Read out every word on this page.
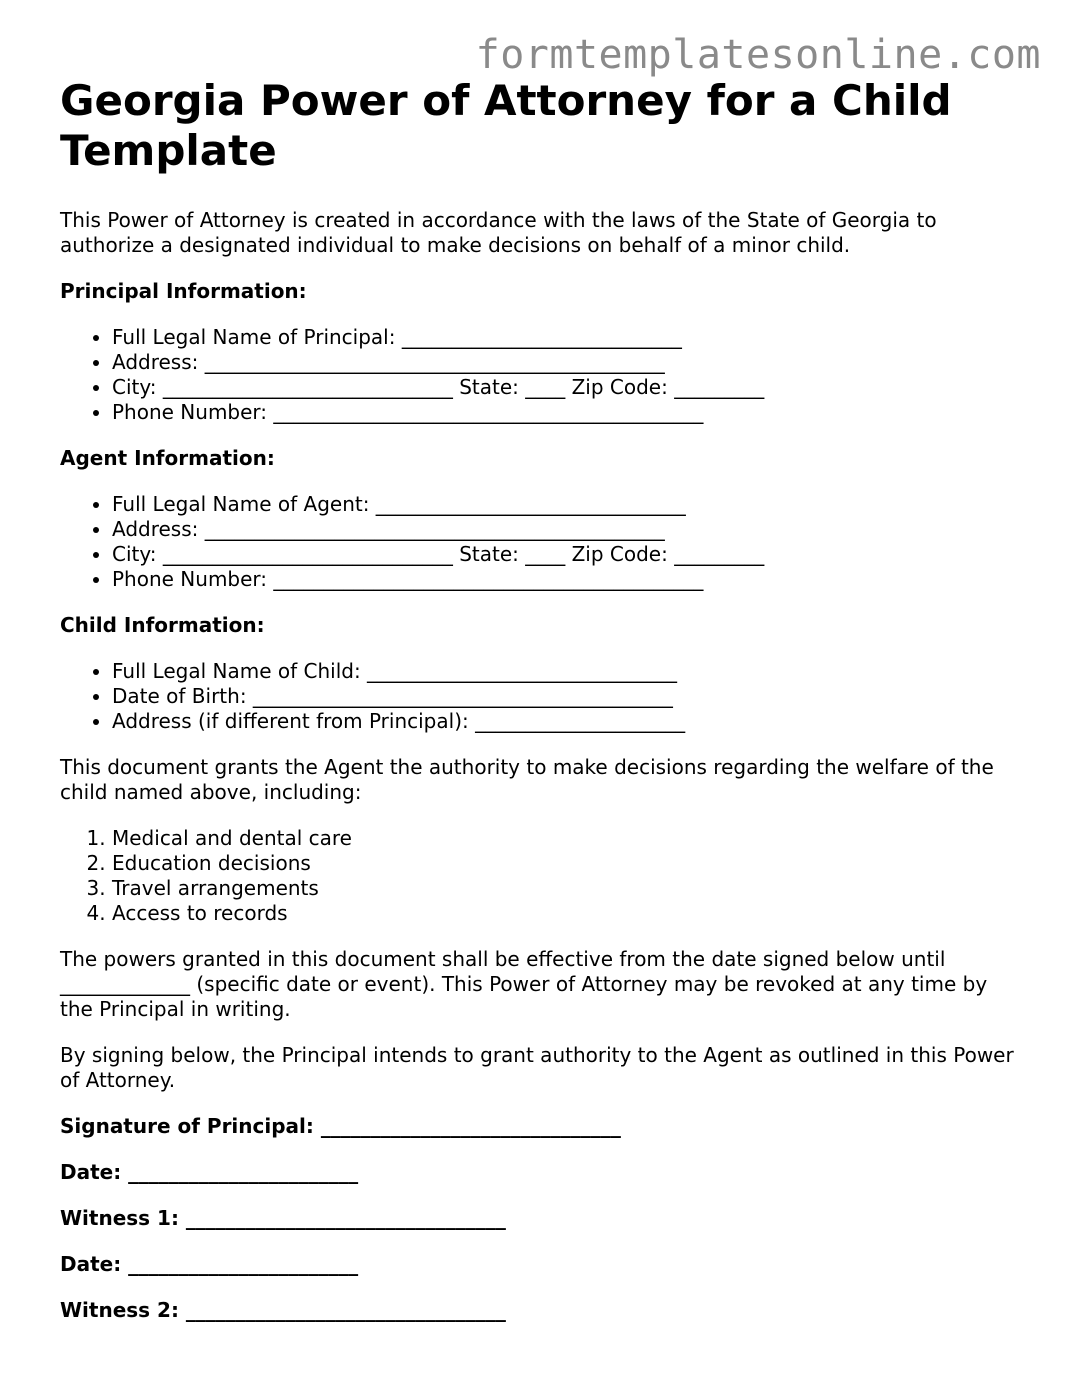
formtemplatesonline.com
Georgia Power of Attorney for a Child Template

This Power of Attorney is created in accordance with the laws of the State of Georgia to authorize a designated individual to make decisions on behalf of a minor child.

Principal Information:

• Full Legal Name of Principal: ____________________________
• Address: ______________________________________________
• City: _____________________________ State: ____ Zip Code: _________
• Phone Number: ___________________________________________

Agent Information:

• Full Legal Name of Agent: _______________________________
• Address: ______________________________________________
• City: _____________________________ State: ____ Zip Code: _________
• Phone Number: ___________________________________________

Child Information:

• Full Legal Name of Child: _______________________________
• Date of Birth: __________________________________________
• Address (if different from Principal): _____________________

This document grants the Agent the authority to make decisions regarding the welfare of the child named above, including:

1. Medical and dental care
2. Education decisions
3. Travel arrangements
4. Access to records

The powers granted in this document shall be effective from the date signed below until _____________ (specific date or event). This Power of Attorney may be revoked at any time by the Principal in writing.

By signing below, the Principal intends to grant authority to the Agent as outlined in this Power of Attorney.

Signature of Principal: ______________________________

Date: _______________________

Witness 1: ________________________________

Date: _______________________

Witness 2: ________________________________
